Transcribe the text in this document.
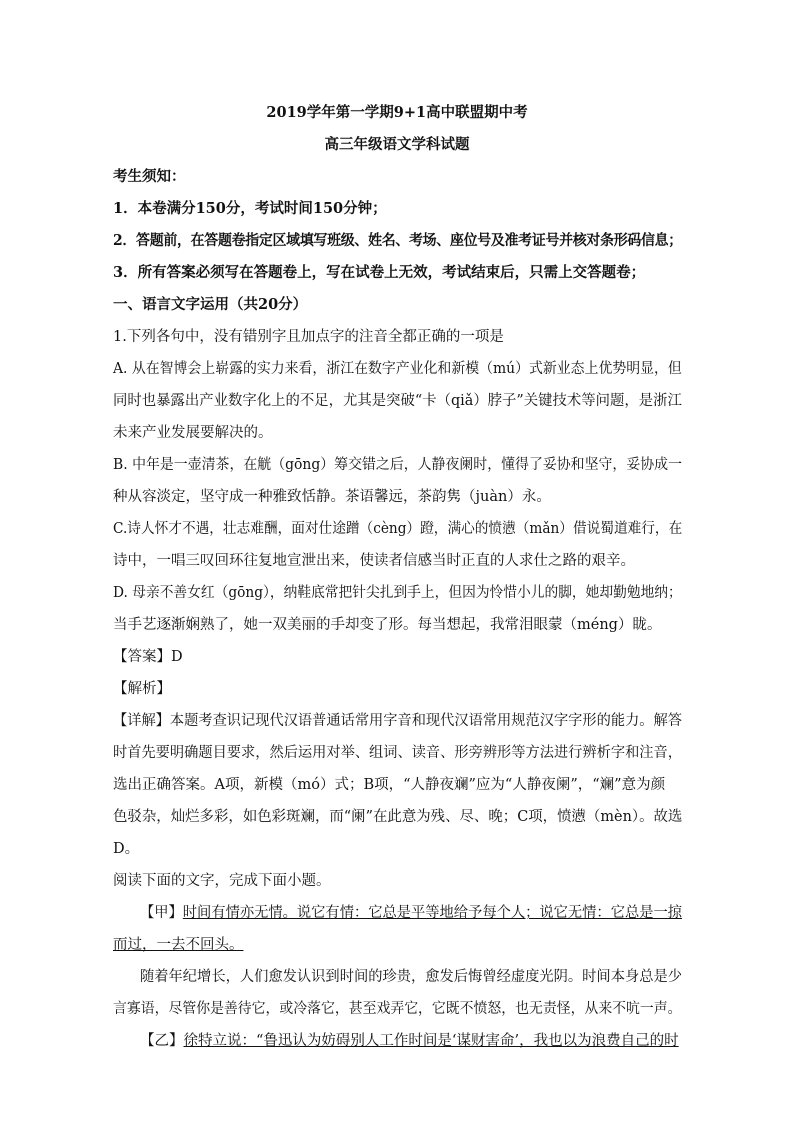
2019学年第一学期9+1高中联盟期中考
高三年级语文学科试题
考生须知：
1．本卷满分150分，考试时间150分钟；
2．答题前，在答题卷指定区域填写班级、姓名、考场、座位号及准考证号并核对条形码信息；
3．所有答案必须写在答题卷上，写在试卷上无效，考试结束后，只需上交答题卷；
一、语言文字运用（共20分）
1.下列各句中，没有错别字且加点字的注音全都正确的一项是
A. 从在智博会上崭露的实力来看，浙江在数字产业化和新模（mú）式新业态上优势明显，但
同时也暴露出产业数字化上的不足，尤其是突破“卡（qiǎ）脖子”关键技术等问题，是浙江
未来产业发展要解决的。
B. 中年是一壶清茶，在觥（gōng）筹交错之后，人静夜阑时，懂得了妥协和坚守，妥协成一
种从容淡定，坚守成一种雅致恬静。茶语馨远，茶韵隽（juàn）永。
C.诗人怀才不遇，壮志难酬，面对仕途蹭（cèng）蹬，满心的愤懑（mǎn）借说蜀道难行，在
诗中，一唱三叹回环往复地宣泄出来，使读者信感当时正直的人求仕之路的艰辛。
D. 母亲不善女红（gōng），纳鞋底常把针尖扎到手上，但因为怜惜小儿的脚，她却勤勉地纳；
当手艺逐渐娴熟了，她一双美丽的手却变了形。每当想起，我常泪眼蒙（méng）眬。
【答案】D
【解析】
【详解】本题考查识记现代汉语普通话常用字音和现代汉语常用规范汉字字形的能力。解答
时首先要明确题目要求，然后运用对举、组词、读音、形旁辨形等方法进行辨析字和注音，
选出正确答案。A项，新模（mó）式；B项，“人静夜斓”应为“人静夜阑”，“斓”意为颜
色驳杂，灿烂多彩，如色彩斑斓，而“阑”在此意为残、尽、晚；C项，愤懑（mèn）。故选
D。
阅读下面的文字，完成下面小题。
【甲】时间有情亦无情。说它有情：它总是平等地给予每个人；说它无情：它总是一掠
而过，一去不回头。
随着年纪增长，人们愈发认识到时间的珍贵，愈发后悔曾经虚度光阴。时间本身总是少
言寡语，尽管你是善待它，或冷落它，甚至戏弄它，它既不愤怒，也无责怪，从来不吭一声。
【乙】徐特立说：“鲁迅认为妨碍别人工作时间是‘谋财害命’，我也以为浪费自己的时
